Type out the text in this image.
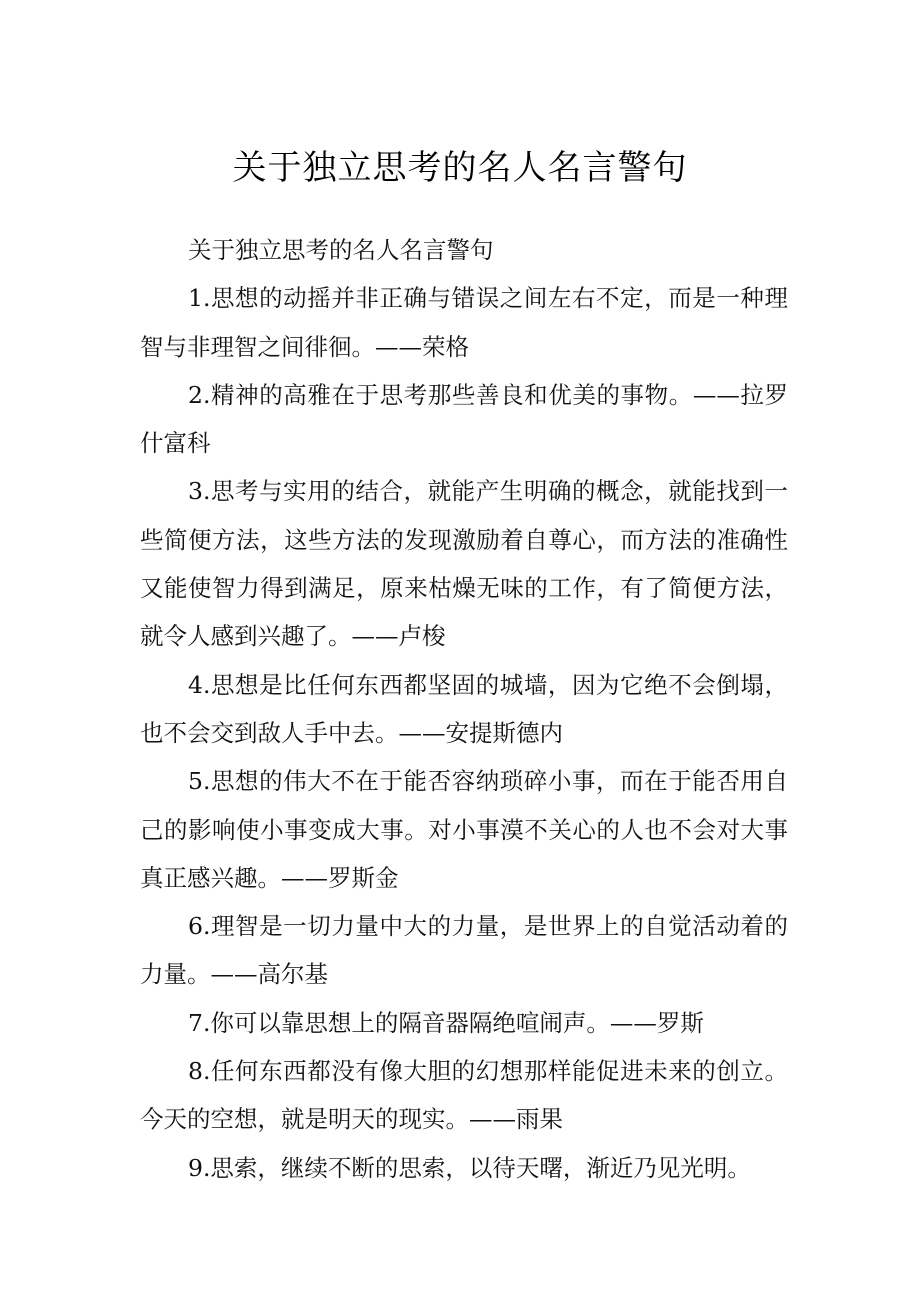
关于独立思考的名人名言警句

关于独立思考的名人名言警句

1.思想的动摇并非正确与错误之间左右不定，而是一种理智与非理智之间徘徊。——荣格

2.精神的高雅在于思考那些善良和优美的事物。——拉罗什富科

3.思考与实用的结合，就能产生明确的概念，就能找到一些简便方法，这些方法的发现激励着自尊心，而方法的准确性又能使智力得到满足，原来枯燥无味的工作，有了简便方法，就令人感到兴趣了。——卢梭

4.思想是比任何东西都坚固的城墙，因为它绝不会倒塌，也不会交到敌人手中去。——安提斯德内

5.思想的伟大不在于能否容纳琐碎小事，而在于能否用自己的影响使小事变成大事。对小事漠不关心的人也不会对大事真正感兴趣。——罗斯金

6.理智是一切力量中大的力量，是世界上的自觉活动着的力量。——高尔基

7.你可以靠思想上的隔音器隔绝喧闹声。——罗斯

8.任何东西都没有像大胆的幻想那样能促进未来的创立。今天的空想，就是明天的现实。——雨果

9.思索，继续不断的思索，以待天曙，渐近乃见光明。
